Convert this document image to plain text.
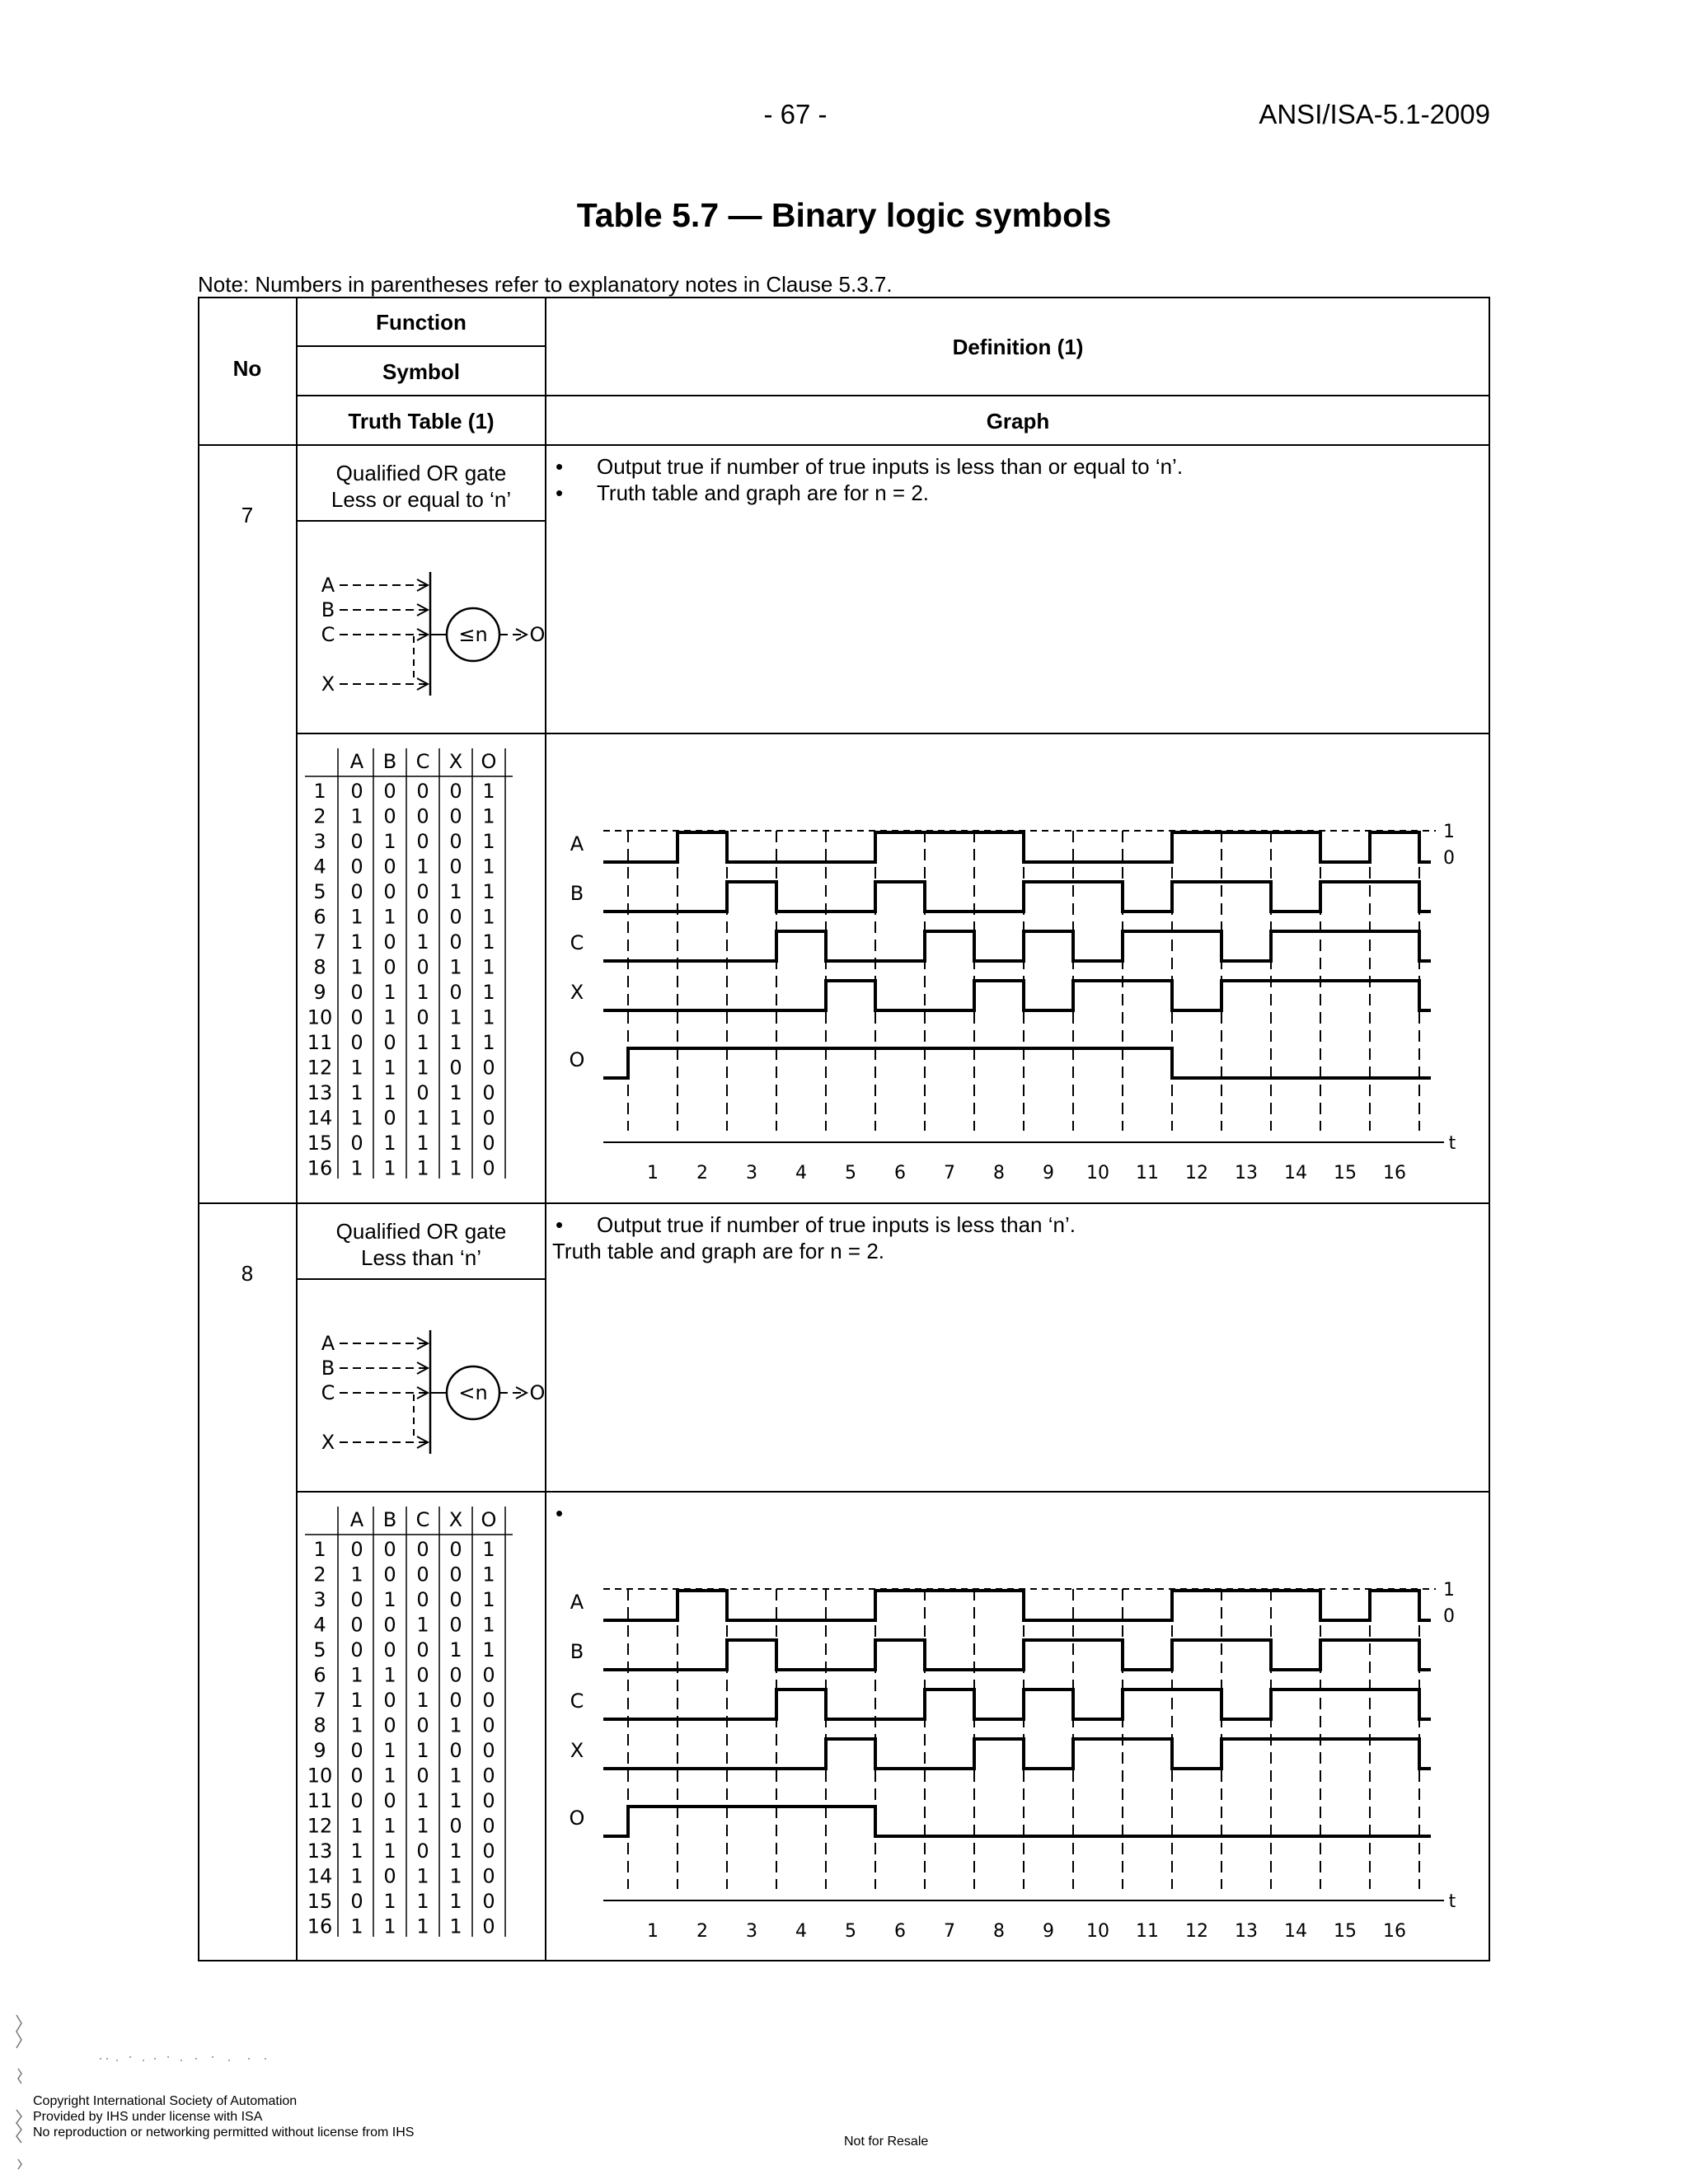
- 67 -	ANSI/ISA-5.1-2009
Table 5.7 — Binary logic symbols
Note: Numbers in parentheses refer to explanatory notes in Clause 5.3.7.
No
Function
Symbol
Definition (1)
Truth Table (1)	Graph
7
Qualified OR gate
Less or equal to ‘n’
A
B
C
X
≤n O
• Output true if number of true inputs is less than or equal to ‘n’.
• Truth table and graph are for n = 2.
A B C X O
1 0 0 0 0 1
2 1 0 0 0 1
3 0 1 0 0 1
4 0 0 1 0 1
5 0 0 0 1 1
6 1 1 0 0 1
7 1 0 1 0 1
8 1 0 0 1 1
9 0 1 1 0 1
10 0 1 0 1 1
11 0 0 1 1 1
12 1 1 1 0 0
13 1 1 0 1 0
14 1 0 1 1 0
15 0 1 1 1 0
16 1 1 1 1 0
1
0
t
1 2 3 4 5 6 7 8 9 10 11 12 13 14 15 16
A
B
C
X
O
8
Qualified OR gate
Less than ‘n’
A
B
C
X
<n O
• Output true if number of true inputs is less than ‘n’.
Truth table and graph are for n = 2.
•
A B C X O
1 0 0 0 0 1
2 1 0 0 0 1
3 0 1 0 0 1
4 0 0 1 0 1
5 0 0 0 1 1
6 1 1 0 0 0
7 1 0 1 0 0
8 1 0 0 1 0
9 0 1 1 0 0
10 0 1 0 1 0
11 0 0 1 1 0
12 1 1 1 0 0
13 1 1 0 1 0
14 1 0 1 1 0
15 0 1 1 1 0
16 1 1 1 1 0
1
0
t
1 2 3 4 5 6 7 8 9 10 11 12 13 14 15 16
A
B
C
X
O
Copyright International Society of Automation
Provided by IHS under license with ISA
No reproduction or networking permitted without license from IHS
Not for Resale
